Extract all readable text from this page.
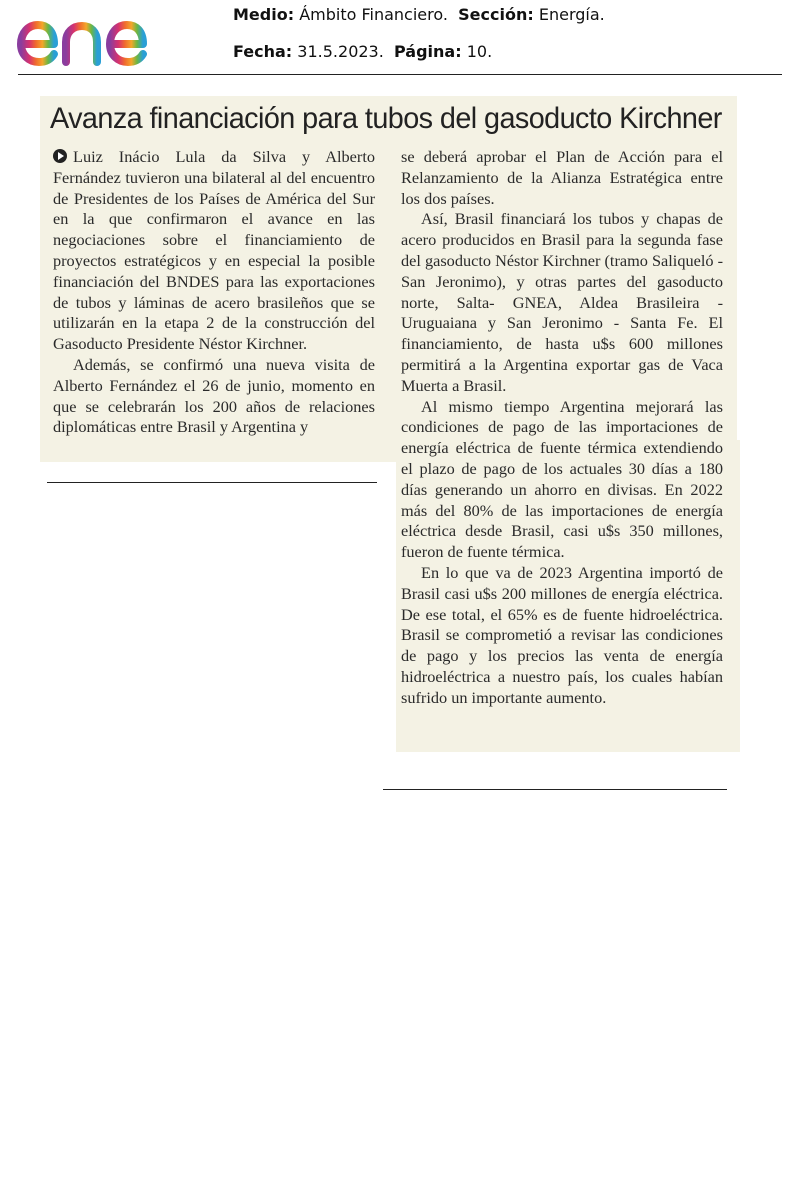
Medio: Ámbito Financiero. Sección: Energía.
Fecha: 31.5.2023. Página: 10.
Avanza financiación para tubos del gasoducto Kirchner

Luiz Inácio Lula da Silva y Alberto Fernández tuvieron una bilateral al del encuentro de Presidentes de los Países de América del Sur en la que confirmaron el avance en las negociaciones sobre el financiamiento de proyectos estratégicos y en especial la posible financiación del BNDES para las exportaciones de tubos y láminas de acero brasileños que se utilizarán en la etapa 2 de la construcción del Gasoducto Presidente Néstor Kirchner.

Además, se confirmó una nueva visita de Alberto Fernández el 26 de junio, momento en que se celebrarán los 200 años de relaciones diplomáticas entre Brasil y Argentina y

se deberá aprobar el Plan de Acción para el Relanzamiento de la Alianza Estratégica entre los dos países.

Así, Brasil financiará los tubos y chapas de acero producidos en Brasil para la segunda fase del gasoducto Néstor Kirchner (tramo Saliqueló - San Jeronimo), y otras partes del gasoducto norte, Salta- GNEA, Aldea Brasileira - Uruguaiana y San Jeronimo - Santa Fe. El financiamiento, de hasta u$s 600 millones permitirá a la Argentina exportar gas de Vaca Muerta a Brasil.

Al mismo tiempo Argentina mejorará las condiciones de pago de las importaciones de energía eléctrica de fuente térmica extendiendo el plazo de pago de los actuales 30 días a 180 días generando un ahorro en divisas. En 2022 más del 80% de las importaciones de energía eléctrica desde Brasil, casi u$s 350 millones, fueron de fuente térmica.

En lo que va de 2023 Argentina importó de Brasil casi u$s 200 millones de energía eléctrica. De ese total, el 65% es de fuente hidroeléctrica. Brasil se comprometió a revisar las condiciones de pago y los precios las venta de energía hidroeléctrica a nuestro país, los cuales habían sufrido un importante aumento.
